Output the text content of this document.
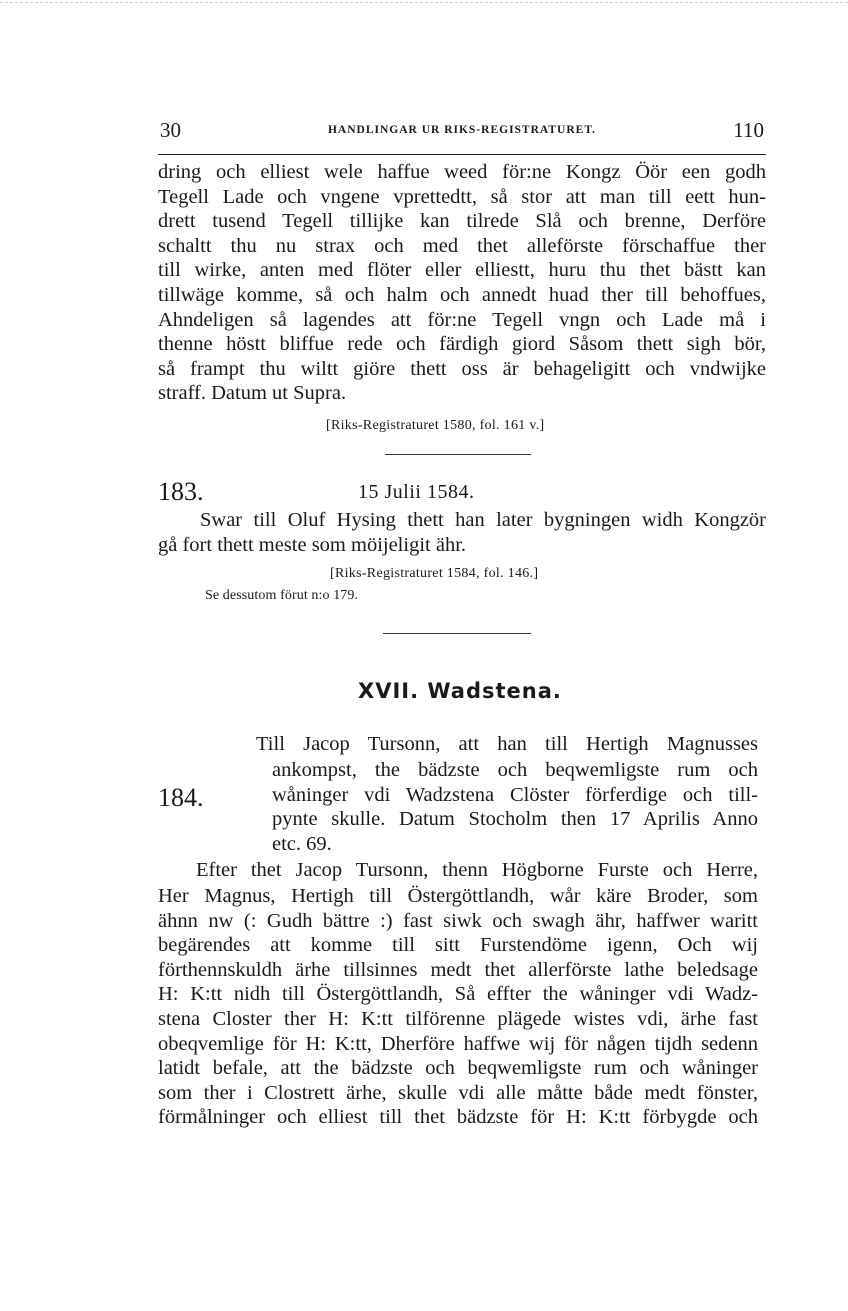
30	HANDLINGAR UR RIKS-REGISTRATURET.	110
dring och elliest wele haffue weed för:ne Kongz Öör een godh
Tegell Lade och vngene vprettedtt, så stor att man till eett hun-
drett tusend Tegell tillijke kan tilrede Slå och brenne, Derföre
schaltt thu nu strax och med thet alleförste förschaffue ther
till wirke, anten med flöter eller elliestt, huru thu thet bästt kan
tillwäge komme, så och halm och annedt huad ther till behoffues,
Ahndeligen så lagendes att för:ne Tegell vngn och Lade må i
thenne höstt bliffue rede och färdigh giord Såsom thett sigh bör,
så frampt thu wiltt giöre thett oss är behageligitt och vndwijke
straff. Datum ut Supra.
[Riks-Registraturet 1580, fol. 161 v.]
183.	15 Julii 1584.
Swar till Oluf Hysing thett han later bygningen widh Kongzör
gå fort thett meste som möijeligit ähr.
[Riks-Registraturet 1584, fol. 146.]
Se dessutom förut n:o 179.
XVII. Wadstena.
184.
Till Jacop Tursonn, att han till Hertigh Magnusses
ankompst, the bädzste och beqwemligste rum och
wåninger vdi Wadzstena Clöster förferdige och till-
pynte skulle. Datum Stocholm then 17 Aprilis Anno
etc. 69.
Efter thet Jacop Tursonn, thenn Högborne Furste och Herre,
Her Magnus, Hertigh till Östergöttlandh, wår käre Broder, som
ähnn nw (: Gudh bättre :) fast siwk och swagh ähr, haffwer waritt
begärendes att komme till sitt Furstendöme igenn, Och wij
förthennskuldh ärhe tillsinnes medt thet allerförste lathe beledsage
H: K:tt nidh till Östergöttlandh, Så effter the wåninger vdi Wadz-
stena Closter ther H: K:tt tilförenne plägede wistes vdi, ärhe fast
obeqvemlige för H: K:tt, Dherföre haffwe wij för någen tijdh sedenn
latidt befale, att the bädzste och beqwemligste rum och wåninger
som ther i Clostrett ärhe, skulle vdi alle måtte både medt fönster,
förmålninger och elliest till thet bädzste för H: K:tt förbygde och
